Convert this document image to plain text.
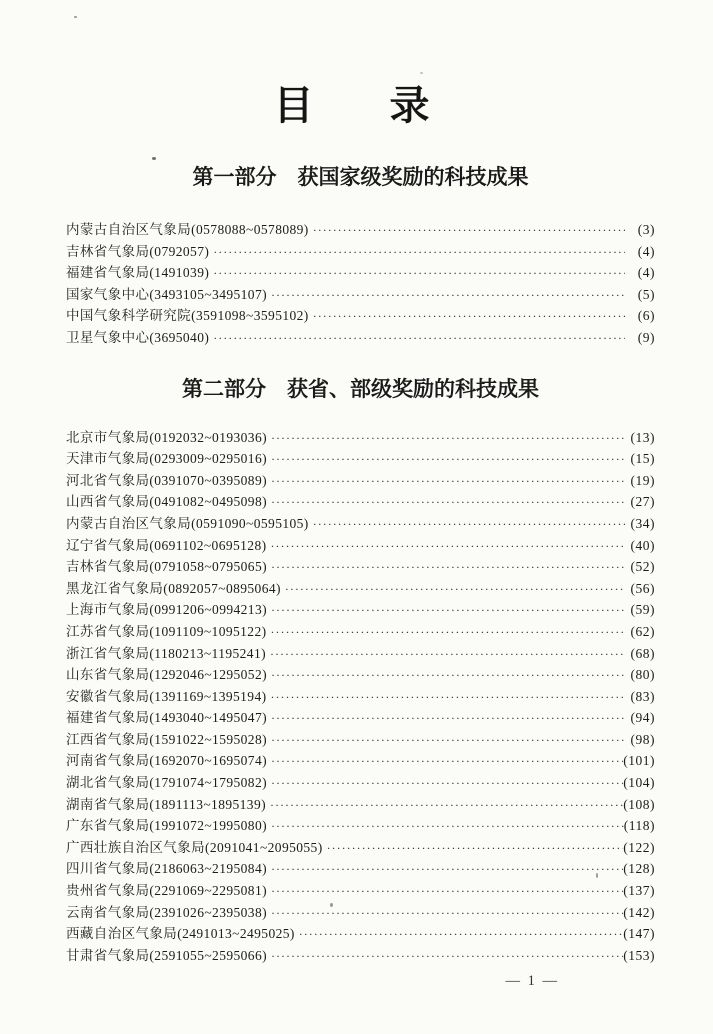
目　录
第一部分　获国家级奖励的科技成果
内蒙古自治区气象局(0578088~0578089) ·····	(3)
吉林省气象局(0792057) ·····	(4)
福建省气象局(1491039) ·····	(4)
国家气象中心(3493105~3495107) ·····	(5)
中国气象科学研究院(3591098~3595102) ·····	(6)
卫星气象中心(3695040) ·····	(9)
第二部分　获省、部级奖励的科技成果
北京市气象局(0192032~0193036) ·····	(13)
天津市气象局(0293009~0295016) ·····	(15)
河北省气象局(0391070~0395089) ·····	(19)
山西省气象局(0491082~0495098) ·····	(27)
内蒙古自治区气象局(0591090~0595105) ·····	(34)
辽宁省气象局(0691102~0695128) ·····	(40)
吉林省气象局(0791058~0795065) ·····	(52)
黑龙江省气象局(0892057~0895064) ·····	(56)
上海市气象局(0991206~0994213) ·····	(59)
江苏省气象局(1091109~1095122) ·····	(62)
浙江省气象局(1180213~1195241) ·····	(68)
山东省气象局(1292046~1295052) ·····	(80)
安徽省气象局(1391169~1395194) ·····	(83)
福建省气象局(1493040~1495047) ·····	(94)
江西省气象局(1591022~1595028) ·····	(98)
河南省气象局(1692070~1695074) ·····	(101)
湖北省气象局(1791074~1795082) ·····	(104)
湖南省气象局(1891113~1895139) ·····	(108)
广东省气象局(1991072~1995080) ·····	(118)
广西壮族自治区气象局(2091041~2095055) ·····	(122)
四川省气象局(2186063~2195084) ·····	(128)
贵州省气象局(2291069~2295081) ·····	(137)
云南省气象局(2391026~2395038) ·····	(142)
西藏自治区气象局(2491013~2495025) ·····	(147)
甘肃省气象局(2591055~2595066) ·····	(153)
— 1 —
